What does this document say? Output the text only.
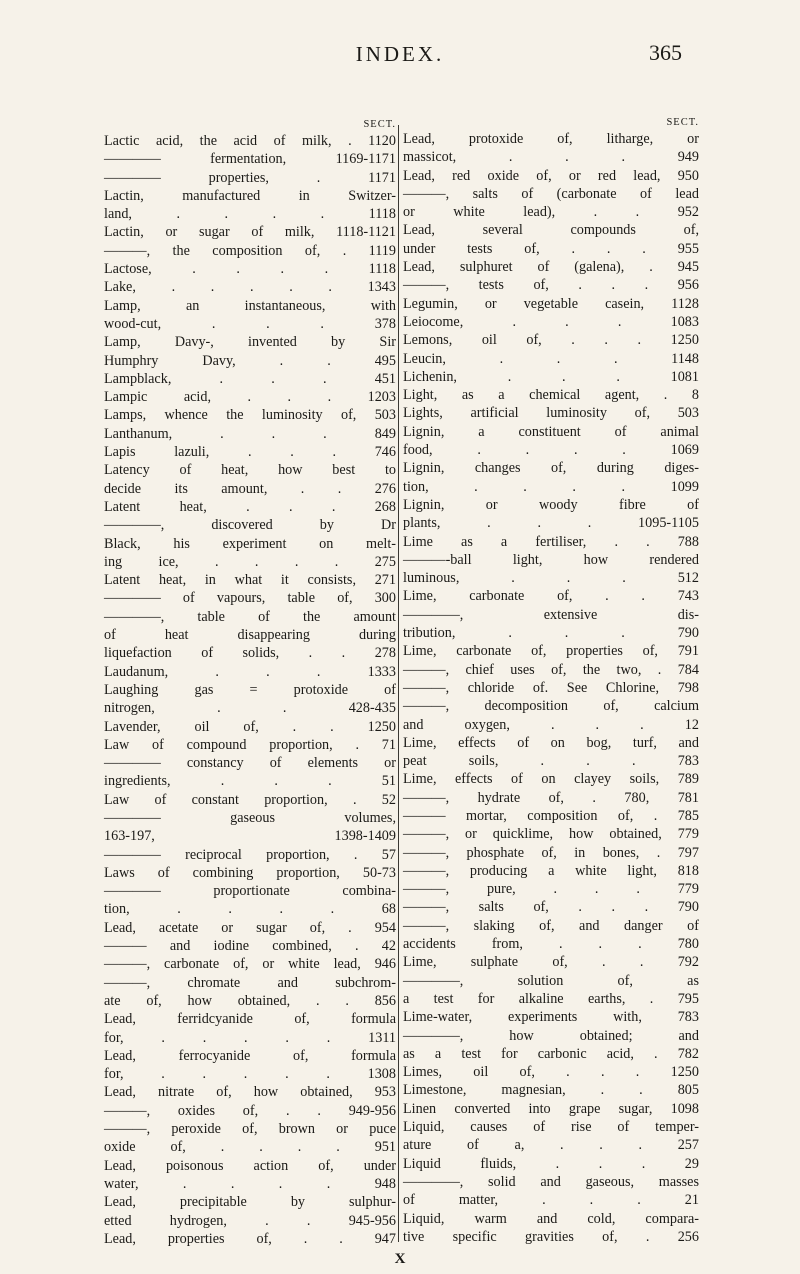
INDEX.	365
SECT.
Lactic acid, the acid of milk, . 1120
———— fermentation, 1169-1171
———— properties, . 1171
Lactin, manufactured in Switzer-
land, . . . . 1118
Lactin, or sugar of milk, 1118-1121
———, the composition of, . 1119
Lactose, . . . . 1118
Lake, . . . . . 1343
Lamp, an instantaneous, with
wood-cut, . . . 378
Lamp, Davy-, invented by Sir
Humphry Davy, . . 495
Lampblack, . . . 451
Lampic acid, . . . 1203
Lamps, whence the luminosity of, 503
Lanthanum, . . . 849
Lapis lazuli, . . . 746
Latency of heat, how best to
decide its amount, . . 276
Latent heat, . . . 268
————, discovered by Dr
Black, his experiment on melt-
ing ice, . . . . 275
Latent heat, in what it consists, 271
———— of vapours, table of, 300
————, table of the amount
of heat disappearing during
liquefaction of solids, . . 278
Laudanum, . . . 1333
Laughing gas = protoxide of
nitrogen, . . 428-435
Lavender, oil of, . . 1250
Law of compound proportion, . 71
———— constancy of elements or
ingredients, . . . 51
Law of constant proportion, . 52
———— gaseous volumes,
163-197, 1398-1409
———— reciprocal proportion, . 57
Laws of combining proportion, 50-73
———— proportionate combina-
tion, . . . . 68
Lead, acetate or sugar of, . 954
——— and iodine combined, . 42
———, carbonate of, or white lead, 946
———, chromate and subchrom-
ate of, how obtained, . . 856
Lead, ferridcyanide of, formula
for, . . . . . 1311
Lead, ferrocyanide of, formula
for, . . . . . 1308
Lead, nitrate of, how obtained, 953
———, oxides of, . . 949-956
———, peroxide of, brown or puce
oxide of, . . . . 951
Lead, poisonous action of, under
water, . . . . 948
Lead, precipitable by sulphur-
etted hydrogen, . . 945-956
Lead, properties of, . . 947
SECT.
Lead, protoxide of, litharge, or
massicot, . . . 949
Lead, red oxide of, or red lead, 950
———, salts of (carbonate of lead
or white lead), . . 952
Lead, several compounds of,
under tests of, . . . 955
Lead, sulphuret of (galena), . 945
———, tests of, . . . 956
Legumin, or vegetable casein, 1128
Leiocome, . . . 1083
Lemons, oil of, . . . 1250
Leucin, . . . 1148
Lichenin, . . . 1081
Light, as a chemical agent, . 8
Lights, artificial luminosity of, 503
Lignin, a constituent of animal
food, . . . . 1069
Lignin, changes of, during diges-
tion, . . . . 1099
Lignin, or woody fibre of
plants, . . . 1095-1105
Lime as a fertiliser, . . 788
———-ball light, how rendered
luminous, . . . 512
Lime, carbonate of, . . 743
————, extensive dis-
tribution, . . . 790
Lime, carbonate of, properties of, 791
———, chief uses of, the two, . 784
———, chloride of. See Chlorine, 798
———, decomposition of, calcium
and oxygen, . . . 12
Lime, effects of on bog, turf, and
peat soils, . . . 783
Lime, effects of on clayey soils, 789
———, hydrate of, . 780, 781
——— mortar, composition of, . 785
———, or quicklime, how obtained, 779
———, phosphate of, in bones, . 797
———, producing a white light, 818
———, pure, . . . 779
———, salts of, . . . 790
———, slaking of, and danger of
accidents from, . . . 780
Lime, sulphate of, . . 792
————, solution of, as
a test for alkaline earths, . 795
Lime-water, experiments with, 783
————, how obtained; and
as a test for carbonic acid, . 782
Limes, oil of, . . . 1250
Limestone, magnesian, . . 805
Linen converted into grape sugar, 1098
Liquid, causes of rise of temper-
ature of a, . . . 257
Liquid fluids, . . . 29
————, solid and gaseous, masses
of matter, . . . 21
Liquid, warm and cold, compara-
tive specific gravities of, . 256
X
